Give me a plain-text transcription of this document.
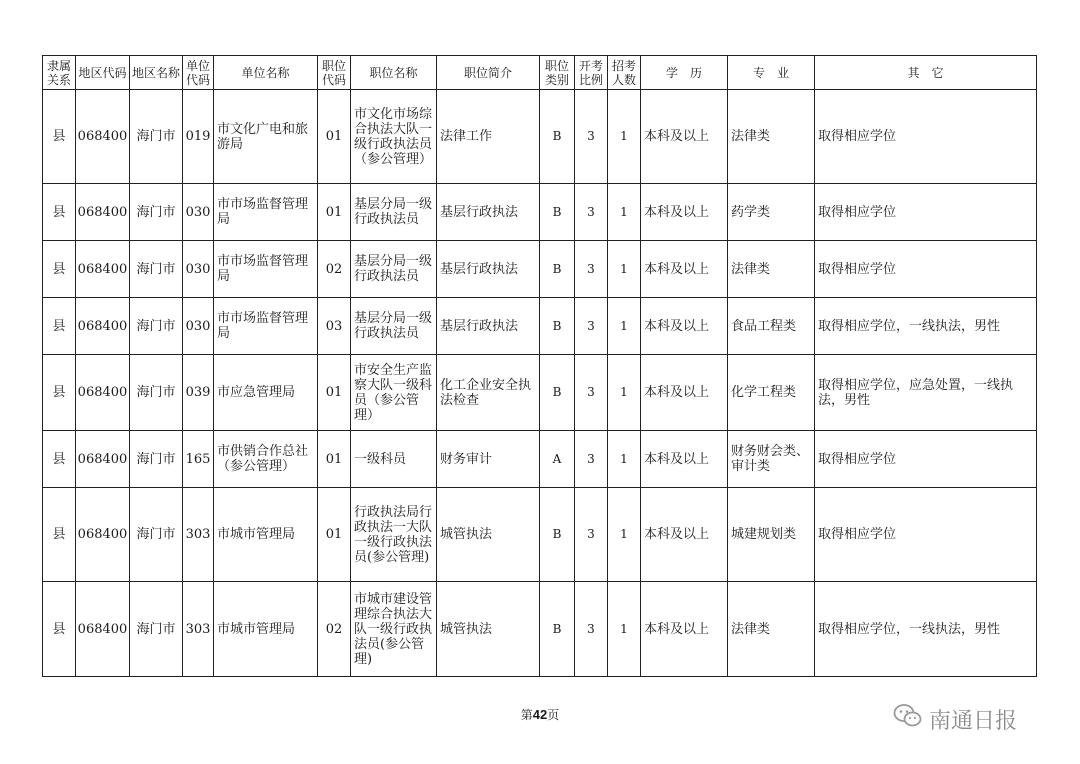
隶属关系	地区代码	地区名称	单位代码	单位名称	职位代码	职位名称	职位简介	职位类别	开考比例	招考人数	学　历	专　业	其　它
县	068400	海门市	019	市文化广电和旅游局	01	市文化市场综合执法大队一级行政执法员（参公管理）	法律工作	B	3	1	本科及以上	法律类	取得相应学位
县	068400	海门市	030	市市场监督管理局	01	基层分局一级行政执法员	基层行政执法	B	3	1	本科及以上	药学类	取得相应学位
县	068400	海门市	030	市市场监督管理局	02	基层分局一级行政执法员	基层行政执法	B	3	1	本科及以上	法律类	取得相应学位
县	068400	海门市	030	市市场监督管理局	03	基层分局一级行政执法员	基层行政执法	B	3	1	本科及以上	食品工程类	取得相应学位，一线执法，男性
县	068400	海门市	039	市应急管理局	01	市安全生产监察大队一级科员（参公管理）	化工企业安全执法检查	B	3	1	本科及以上	化学工程类	取得相应学位，应急处置，一线执法，男性
县	068400	海门市	165	市供销合作总社（参公管理）	01	一级科员	财务审计	A	3	1	本科及以上	财务财会类、审计类	取得相应学位
县	068400	海门市	303	市城市管理局	01	行政执法局行政执法一大队一级行政执法员(参公管理)	城管执法	B	3	1	本科及以上	城建规划类	取得相应学位
县	068400	海门市	303	市城市管理局	02	市城市建设管理综合执法大队一级行政执法员(参公管理)	城管执法	B	3	1	本科及以上	法律类	取得相应学位，一线执法，男性
第42页	南通日报
